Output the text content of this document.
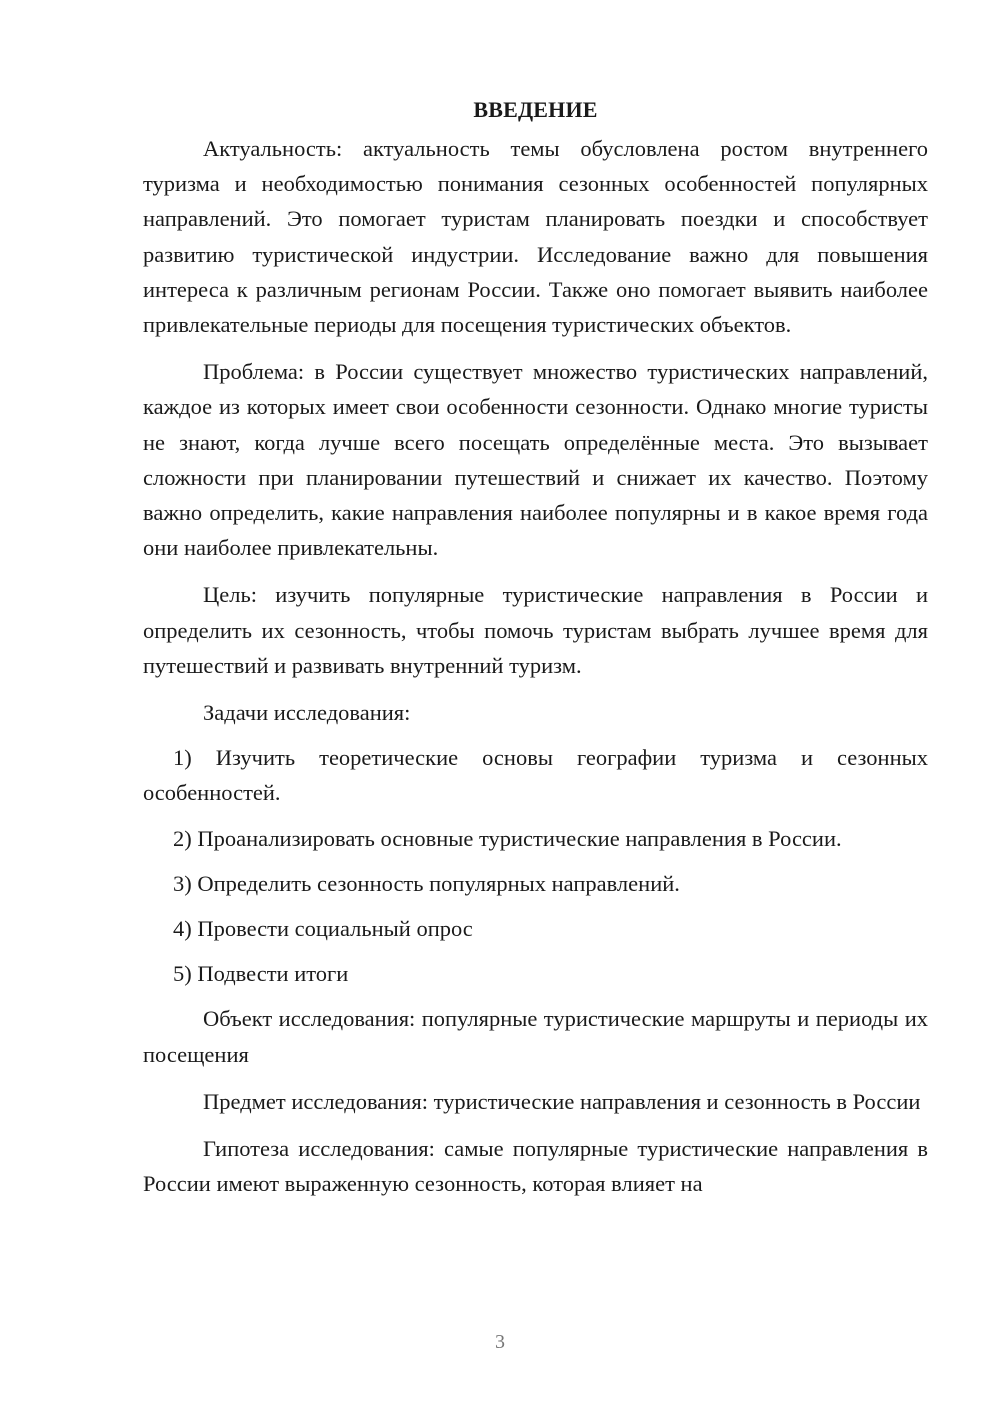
ВВЕДЕНИЕ

Актуальность: актуальность темы обусловлена ростом внутреннего туризма и необходимостью понимания сезонных особенностей популярных направлений. Это помогает туристам планировать поездки и способствует развитию туристической индустрии. Исследование важно для повышения интереса к различным регионам России. Также оно помогает выявить наиболее привлекательные периоды для посещения туристических объектов.

Проблема: в России существует множество туристических направлений, каждое из которых имеет свои особенности сезонности. Однако многие туристы не знают, когда лучше всего посещать определённые места. Это вызывает сложности при планировании путешествий и снижает их качество. Поэтому важно определить, какие направления наиболее популярны и в какое время года они наиболее привлекательны.

Цель: изучить популярные туристические направления в России и определить их сезонность, чтобы помочь туристам выбрать лучшее время для путешествий и развивать внутренний туризм.

Задачи исследования:

1) Изучить теоретические основы географии туризма и сезонных особенностей.

2) Проанализировать основные туристические направления в России.

3) Определить сезонность популярных направлений.

4) Провести социальный опрос

5) Подвести итоги

Объект исследования: популярные туристические маршруты и периоды их посещения

Предмет исследования: туристические направления и сезонность в России

Гипотеза исследования: самые популярные туристические направления в России имеют выраженную сезонность, которая влияет на

3
